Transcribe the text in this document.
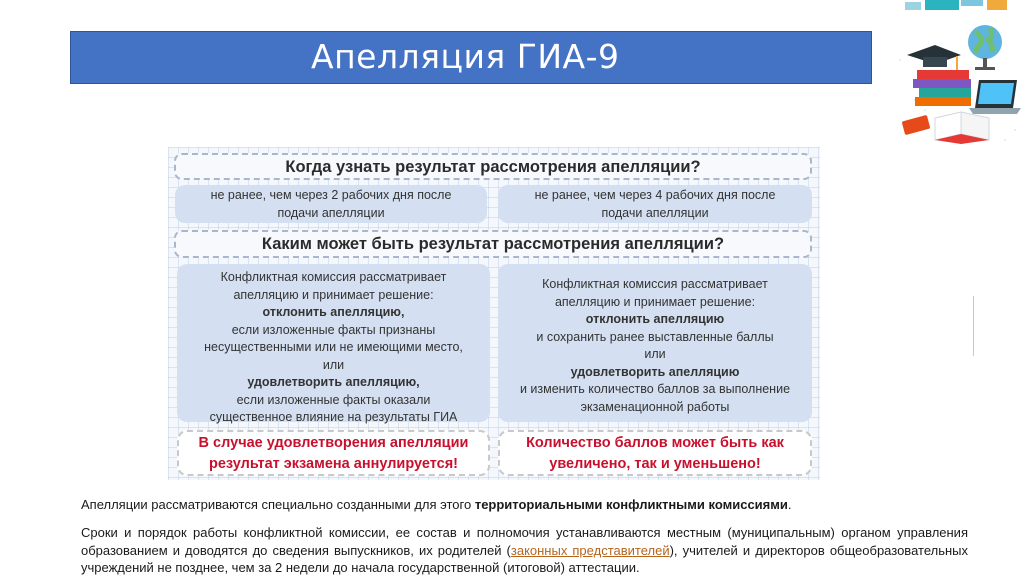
Апелляция ГИА-9
Когда узнать результат рассмотрения апелляции?
не ранее, чем через 2 рабочих дня после
подачи апелляции
не ранее, чем через 4 рабочих дня после
подачи апелляции
Каким может быть результат рассмотрения апелляции?
Конфликтная комиссия рассматривает
апелляцию и принимает решение:
отклонить апелляцию,
если изложенные факты признаны
несущественными или не имеющими место,
или
удовлетворить апелляцию,
если изложенные факты оказали
существенное влияние на результаты ГИА
Конфликтная комиссия рассматривает
апелляцию и принимает решение:
отклонить апелляцию
и сохранить ранее выставленные баллы
или
удовлетворить апелляцию
и изменить количество баллов за выполнение
экзаменационной работы
В случае удовлетворения апелляции
результат экзамена аннулируется!
Количество баллов может быть как
увеличено, так и уменьшено!

Апелляции рассматриваются специально созданными для этого территориальными конфликтными комиссиями.

Сроки и порядок работы конфликтной комиссии, ее состав и полномочия устанавливаются местным (муниципальным) органом управления образованием и доводятся до сведения выпускников, их родителей (законных представителей), учителей и директоров общеобразовательных учреждений не позднее, чем за 2 недели до начала государственной (итоговой) аттестации.
